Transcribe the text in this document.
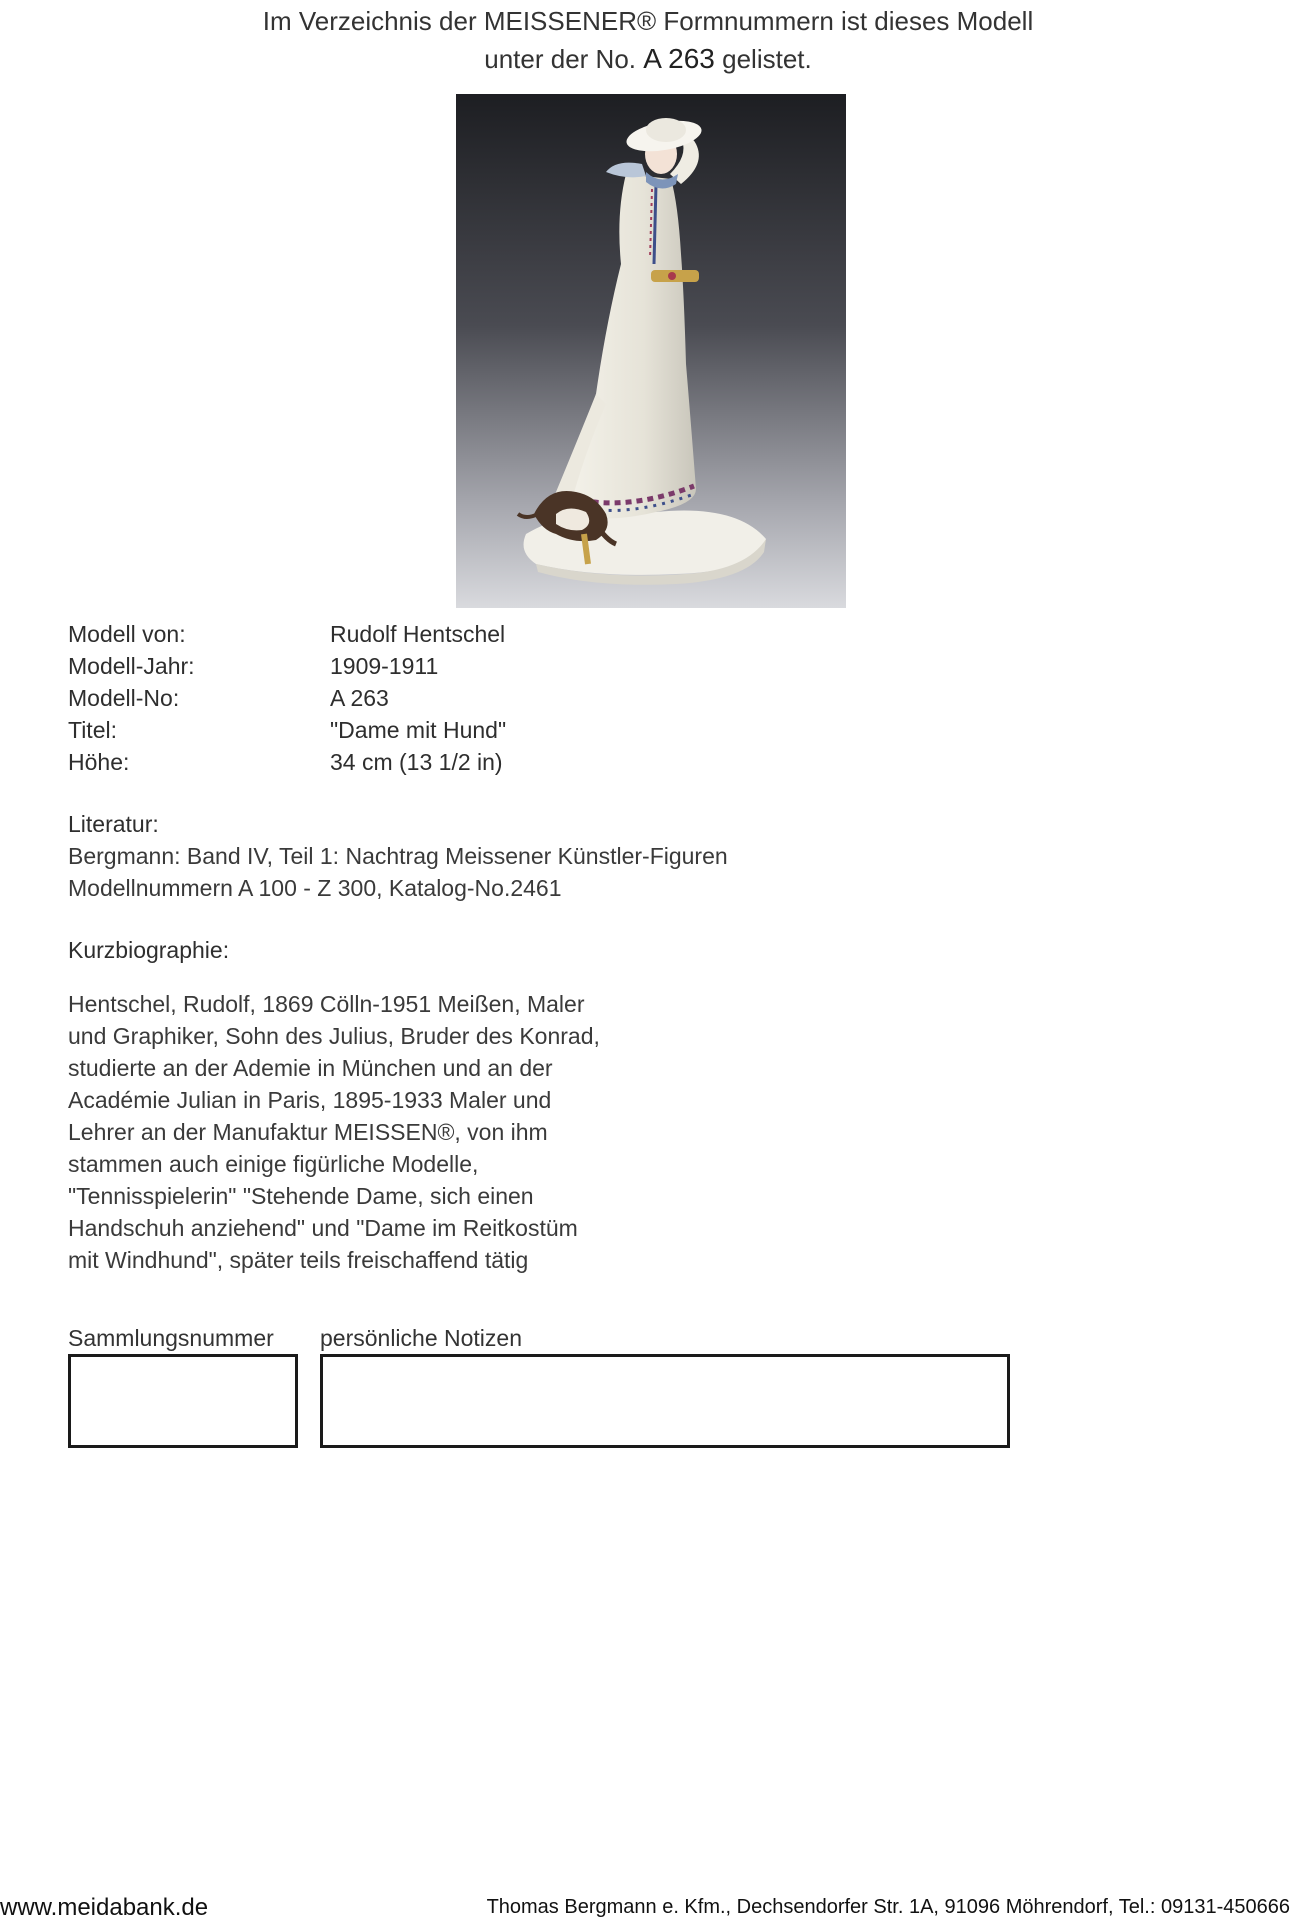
Im Verzeichnis der MEISSENER® Formnummern ist dieses Modell
unter der No. A 263 gelistet.
Modell von:	Rudolf Hentschel
Modell-Jahr:	1909-1911
Modell-No:	A 263
Titel:	"Dame mit Hund"
Höhe:	34 cm (13 1/2 in)
Literatur:
Bergmann: Band IV, Teil 1: Nachtrag Meissener Künstler-Figuren
Modellnummern A 100 - Z 300, Katalog-No.2461
Kurzbiographie:
Hentschel, Rudolf, 1869 Cölln-1951 Meißen, Maler
und Graphiker, Sohn des Julius, Bruder des Konrad,
studierte an der Ademie in München und an der
Académie Julian in Paris, 1895-1933 Maler und
Lehrer an der Manufaktur MEISSEN®, von ihm
stammen auch einige figürliche Modelle,
"Tennisspielerin" "Stehende Dame, sich einen
Handschuh anziehend" und "Dame im Reitkostüm
mit Windhund", später teils freischaffend tätig
Sammlungsnummer persönliche Notizen
www.meidabank.de	Thomas Bergmann e. Kfm., Dechsendorfer Str. 1A, 91096 Möhrendorf, Tel.: 09131-450666
